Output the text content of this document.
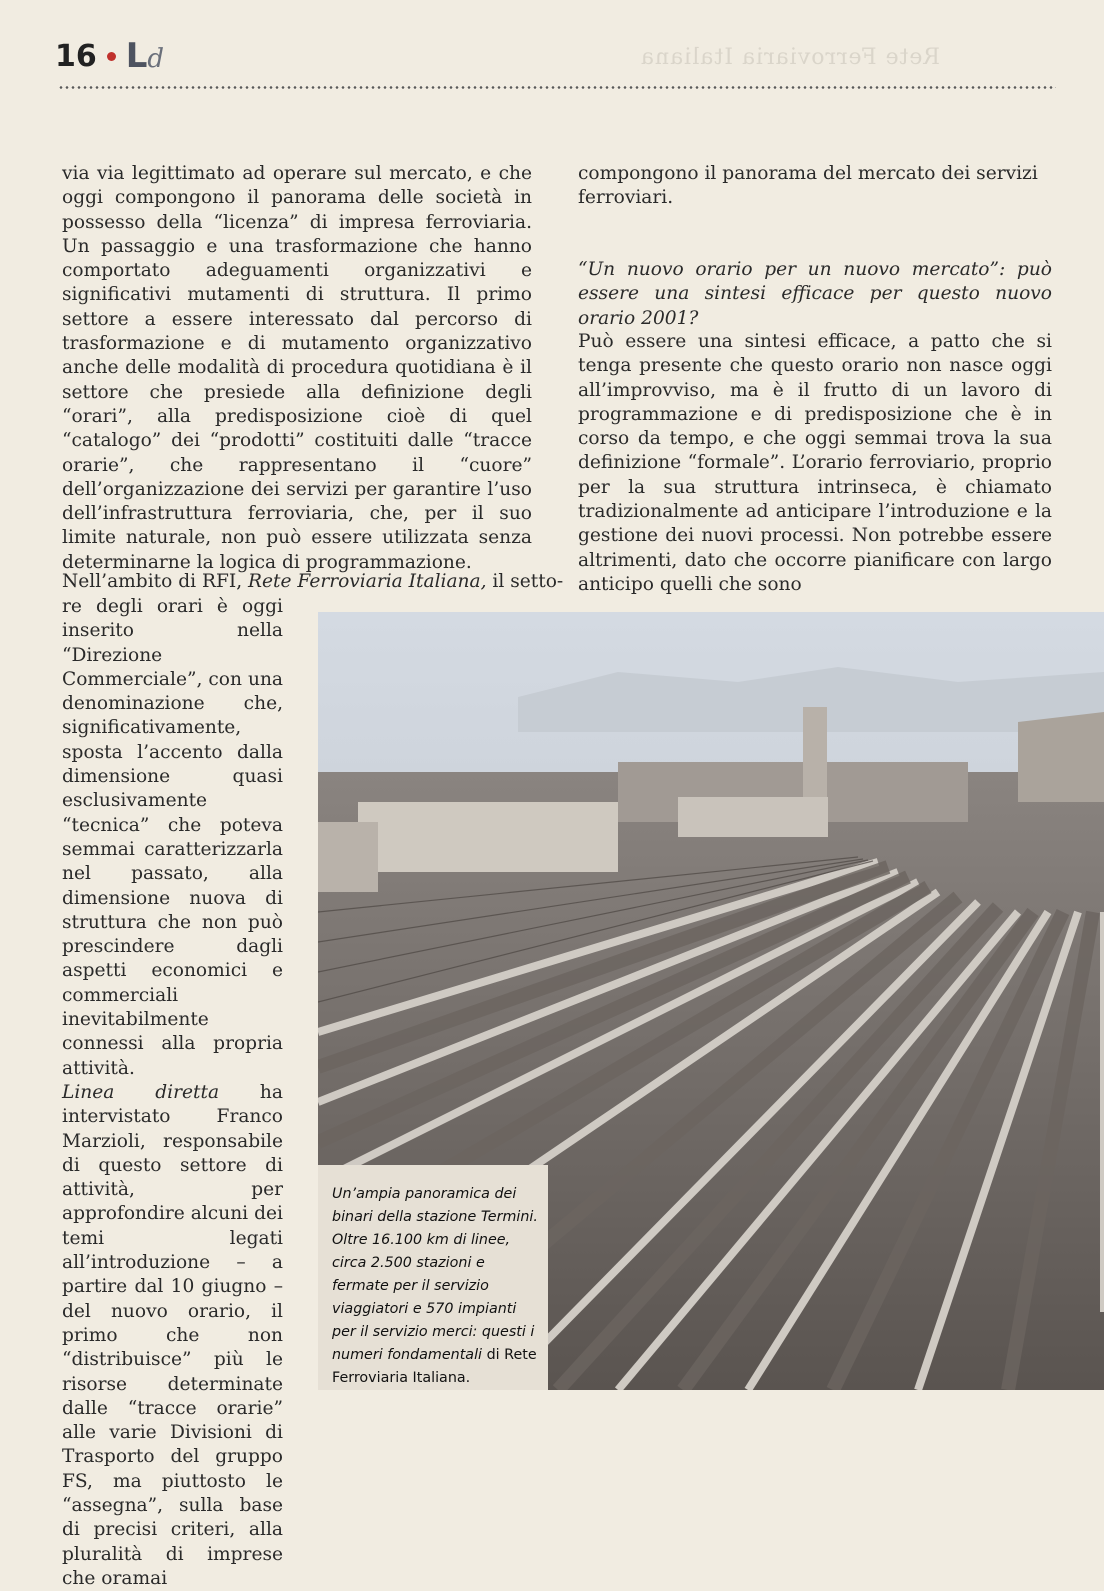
16 Ld	Rete Ferroviaria Italiana

via via legittimato ad operare sul mercato, e che oggi compongono il panorama delle società in possesso della “licenza” di impresa ferroviaria. Un passaggio e una trasformazione che hanno comportato adeguamenti organizzativi e significativi mutamenti di struttura. Il primo settore a essere interessato dal percorso di trasformazione e di mutamento organizzativo anche delle modalità di procedura quotidiana è il settore che presiede alla definizione degli “orari”, alla predisposizione cioè di quel “catalogo” dei “prodotti” costituiti dalle “tracce orarie”, che rappresentano il “cuore” dell’organizzazione dei servizi per garantire l’uso dell’infrastruttura ferroviaria, che, per il suo limite naturale, non può essere utilizzata senza determinarne la logica di programmazione.

Nell’ambito di RFI, Rete Ferroviaria Italiana, il setto-

re degli orari è oggi inserito nella “Direzione Commerciale”, con una denominazione che, significativamente, sposta l’accento dalla dimensione quasi esclusivamente “tecnica” che poteva semmai caratterizzarla nel passato, alla dimensione nuova di struttura che non può prescindere dagli aspetti economici e commerciali inevitabilmente connessi alla propria attività.

Linea diretta ha intervistato Franco Marzioli, responsabile di questo settore di attività, per approfondire alcuni dei temi legati all’introduzione – a partire dal 10 giugno – del nuovo orario, il primo che non “distribuisce” più le risorse determinate dalle “tracce orarie” alle varie Divisioni di Trasporto del gruppo FS, ma piuttosto le “assegna”, sulla base di precisi criteri, alla pluralità di imprese che oramai

compongono il panorama del mercato dei servizi ferroviari.

“Un nuovo orario per un nuovo mercato”: può essere una sintesi efficace per questo nuovo orario 2001?

Può essere una sintesi efficace, a patto che si tenga presente che questo orario non nasce oggi all’improvviso, ma è il frutto di un lavoro di programmazione e di predisposizione che è in corso da tempo, e che oggi semmai trova la sua definizione “formale”. L’orario ferroviario, proprio per la sua struttura intrinseca, è chiamato tradizionalmente ad anticipare l’introduzione e la gestione dei nuovi processi. Non potrebbe essere altrimenti, dato che occorre pianificare con largo anticipo quelli che sono

Un’ampia panoramica dei binari della stazione Termini. Oltre 16.100 km di linee, circa 2.500 stazioni e fermate per il servizio viaggiatori e 570 impianti per il servizio merci: questi i numeri fondamentali di Rete Ferroviaria Italiana.
